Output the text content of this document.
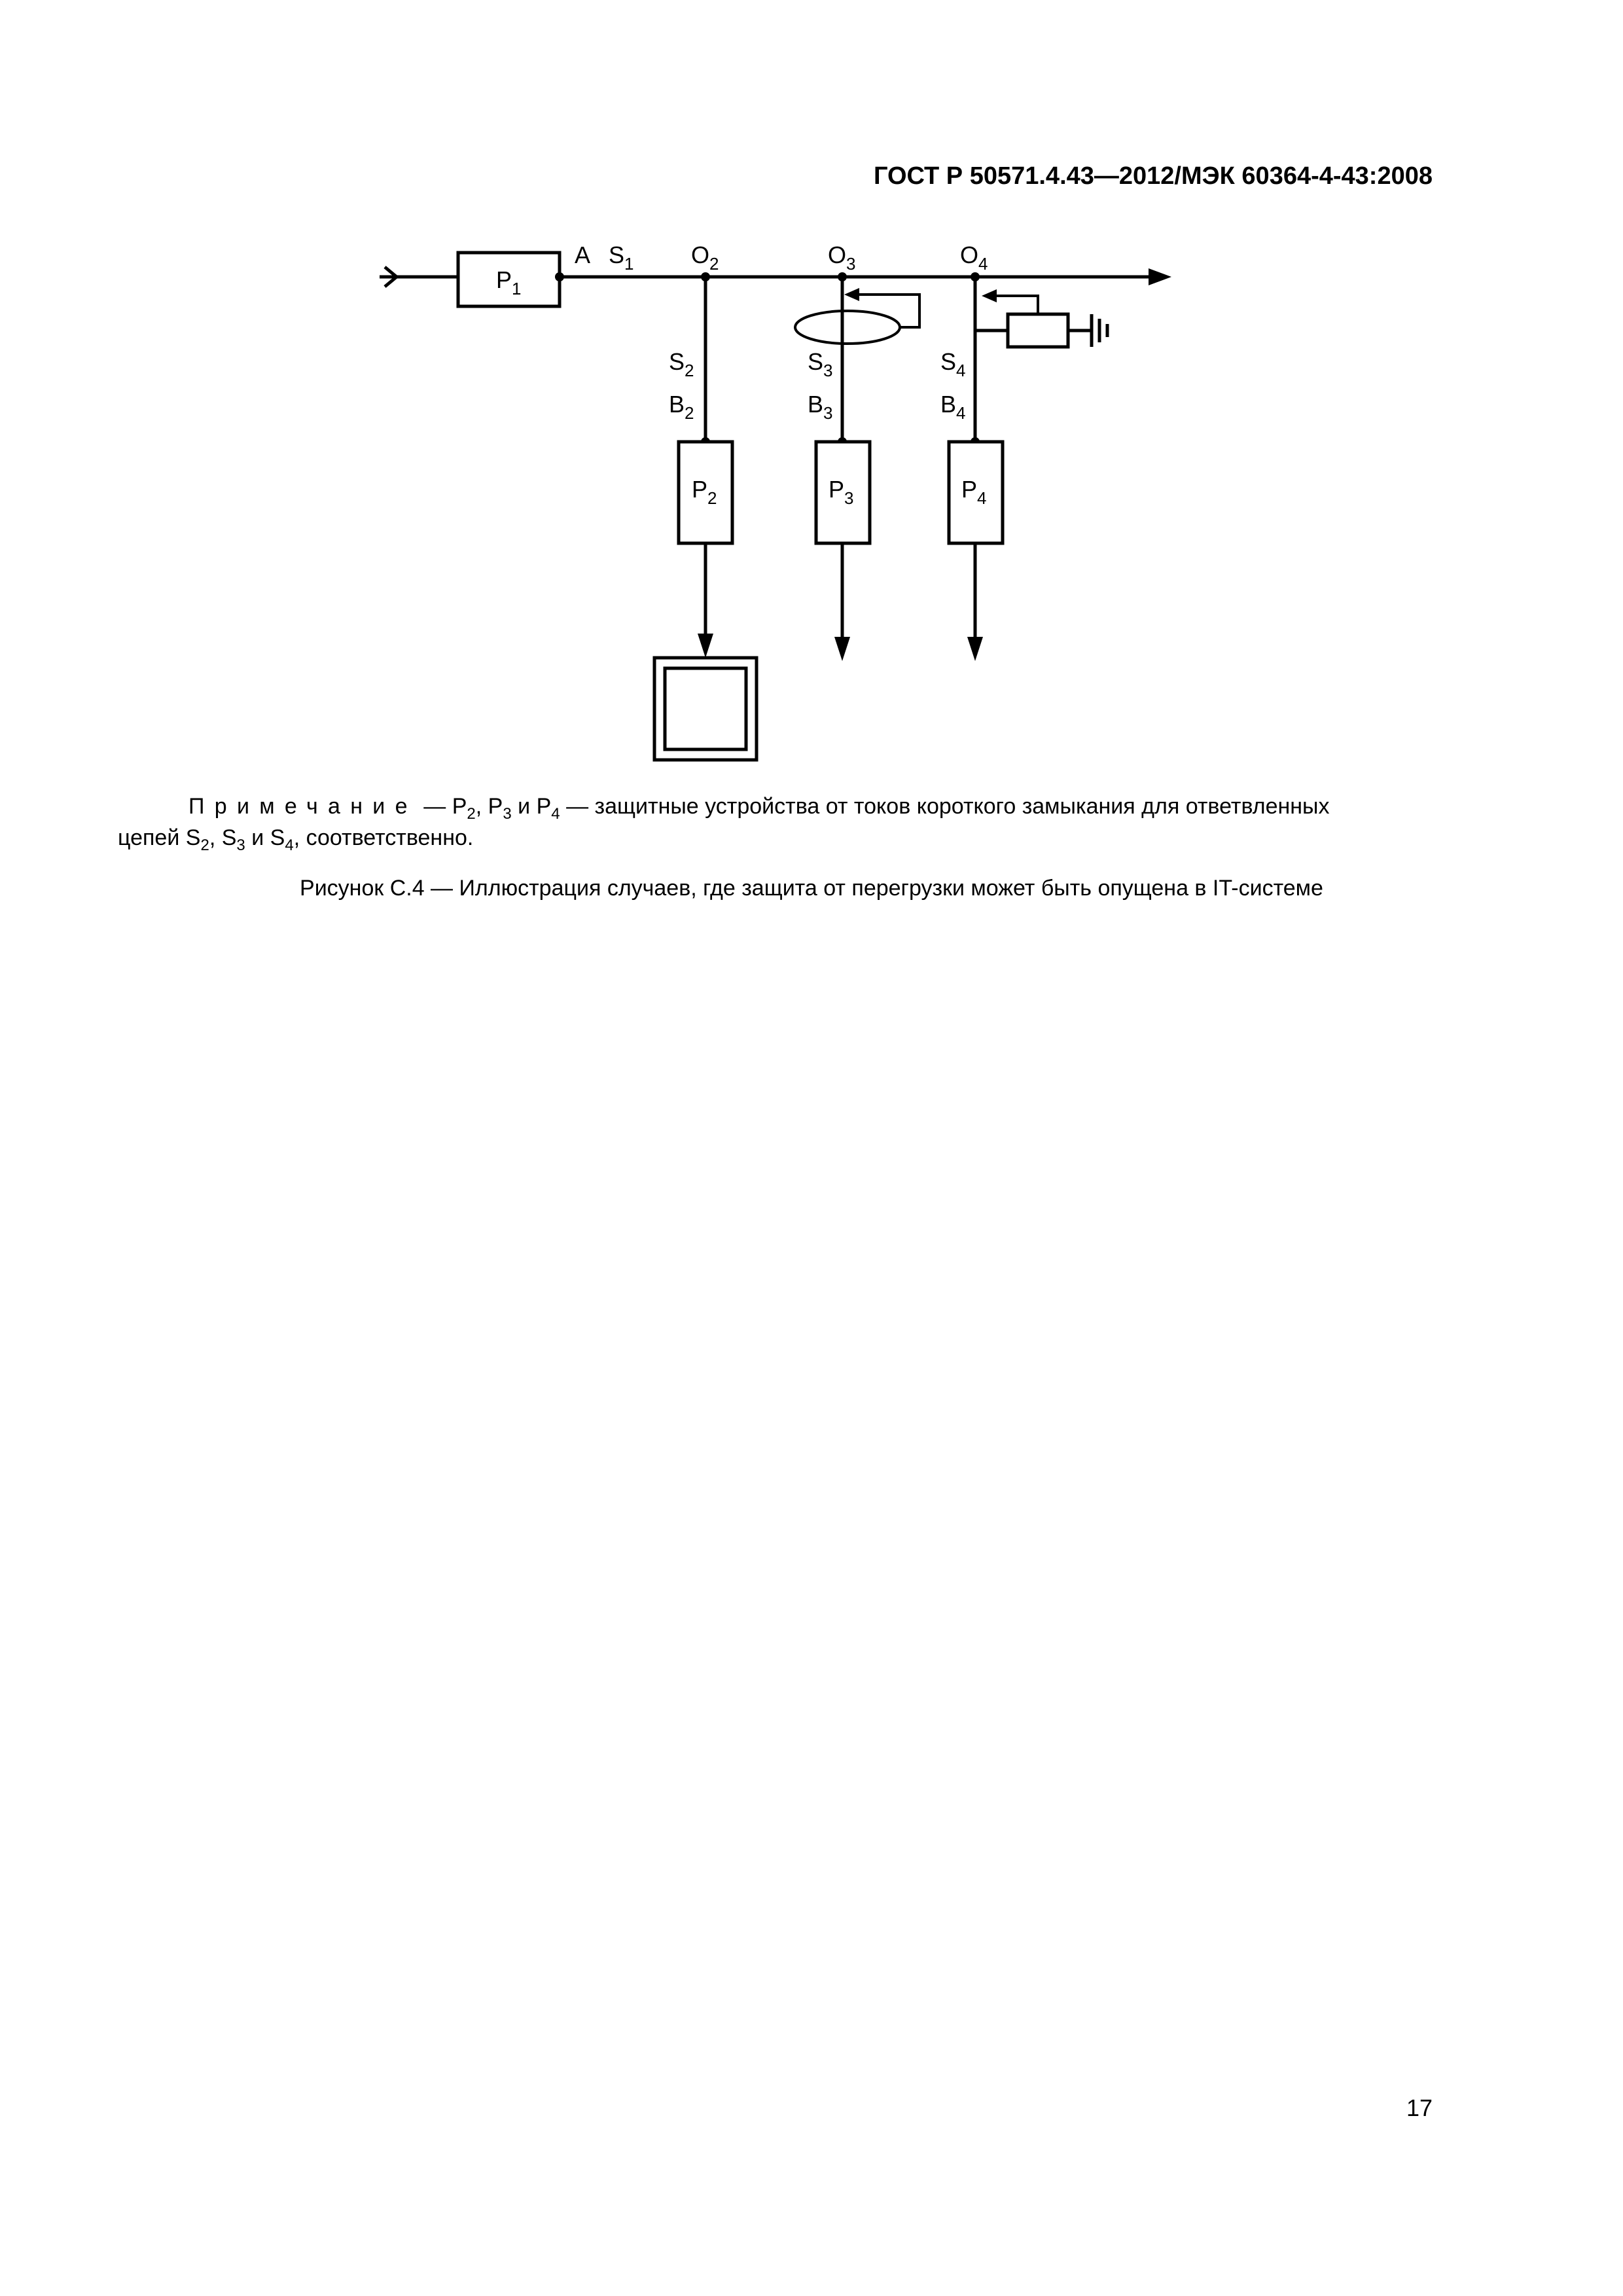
ГОСТ Р 50571.4.43—2012/МЭК 60364-4-43:2008
$P_1$
A $S_1$ $O_2$	$O_3$	$O_4$
$S_2$
$B_2$
$P_2$
$S_3$
$B_3$
$P_3$
$S_4$
$B_4$
$P_4$
Примечание — $P_2$, $P_3$ и $P_4$ — защитные устройства от токов короткого замыкания для ответвленных
цепей $S_2$, $S_3$ и $S_4$, соответственно.
Рисунок С.4 — Иллюстрация случаев, где защита от перегрузки может быть опущена в IT-системе
17
